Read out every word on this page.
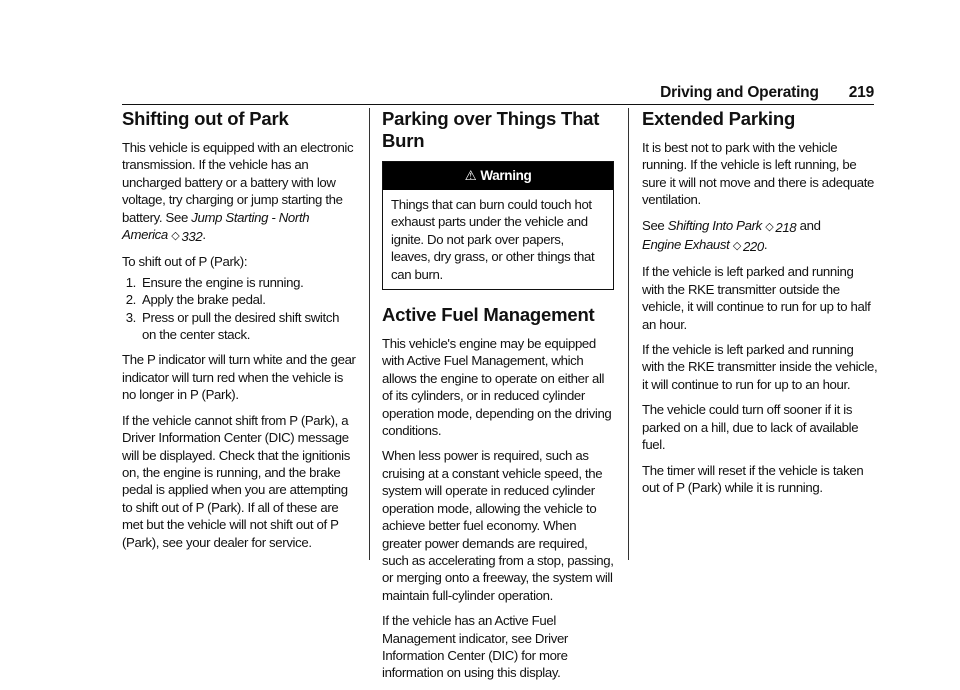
Driving and Operating 219
Shifting out of Park

This vehicle is equipped with an electronic transmission. If the vehicle has an uncharged battery or a battery with low voltage, try charging or jump starting the battery. See Jump Starting - North America ◇ 332 .

To shift out of P (Park):

1. Ensure the engine is running.
2. Apply the brake pedal.
3. Press or pull the desired shift switch on the center stack.

The P indicator will turn white and the gear indicator will turn red when the vehicle is no longer in P (Park).

If the vehicle cannot shift from P (Park), a Driver Information Center (DIC) message will be displayed. Check that the ignitionis on, the engine is running, and the brake pedal is applied when you are attempting to shift out of P (Park). If all of these are met but the vehicle will not shift out of P (Park), see your dealer for service.

Parking over Things That Burn
⚠ Warning
Things that can burn could touch hot exhaust parts under the vehicle and ignite. Do not park over papers, leaves, dry grass, or other things that can burn.
Active Fuel Management

This vehicle's engine may be equipped with Active Fuel Management, which allows the engine to operate on either all of its cylinders, or in reduced cylinder operation mode, depending on the driving conditions.

When less power is required, such as cruising at a constant vehicle speed, the system will operate in reduced cylinder operation mode, allowing the vehicle to achieve better fuel economy. When greater power demands are required, such as accelerating from a stop, passing, or merging onto a freeway, the system will maintain full-cylinder operation.

If the vehicle has an Active Fuel Management indicator, see Driver Information Center (DIC) for more information on using this display.

Extended Parking

It is best not to park with the vehicle running. If the vehicle is left running, be sure it will not move and there is adequate ventilation.

See Shifting Into Park ◇ 218 and
Engine Exhaust ◇ 220 .

If the vehicle is left parked and running with the RKE transmitter outside the vehicle, it will continue to run for up to half an hour.

If the vehicle is left parked and running with the RKE transmitter inside the vehicle, it will continue to run for up to an hour.

The vehicle could turn off sooner if it is parked on a hill, due to lack of available fuel.

The timer will reset if the vehicle is taken out of P (Park) while it is running.
